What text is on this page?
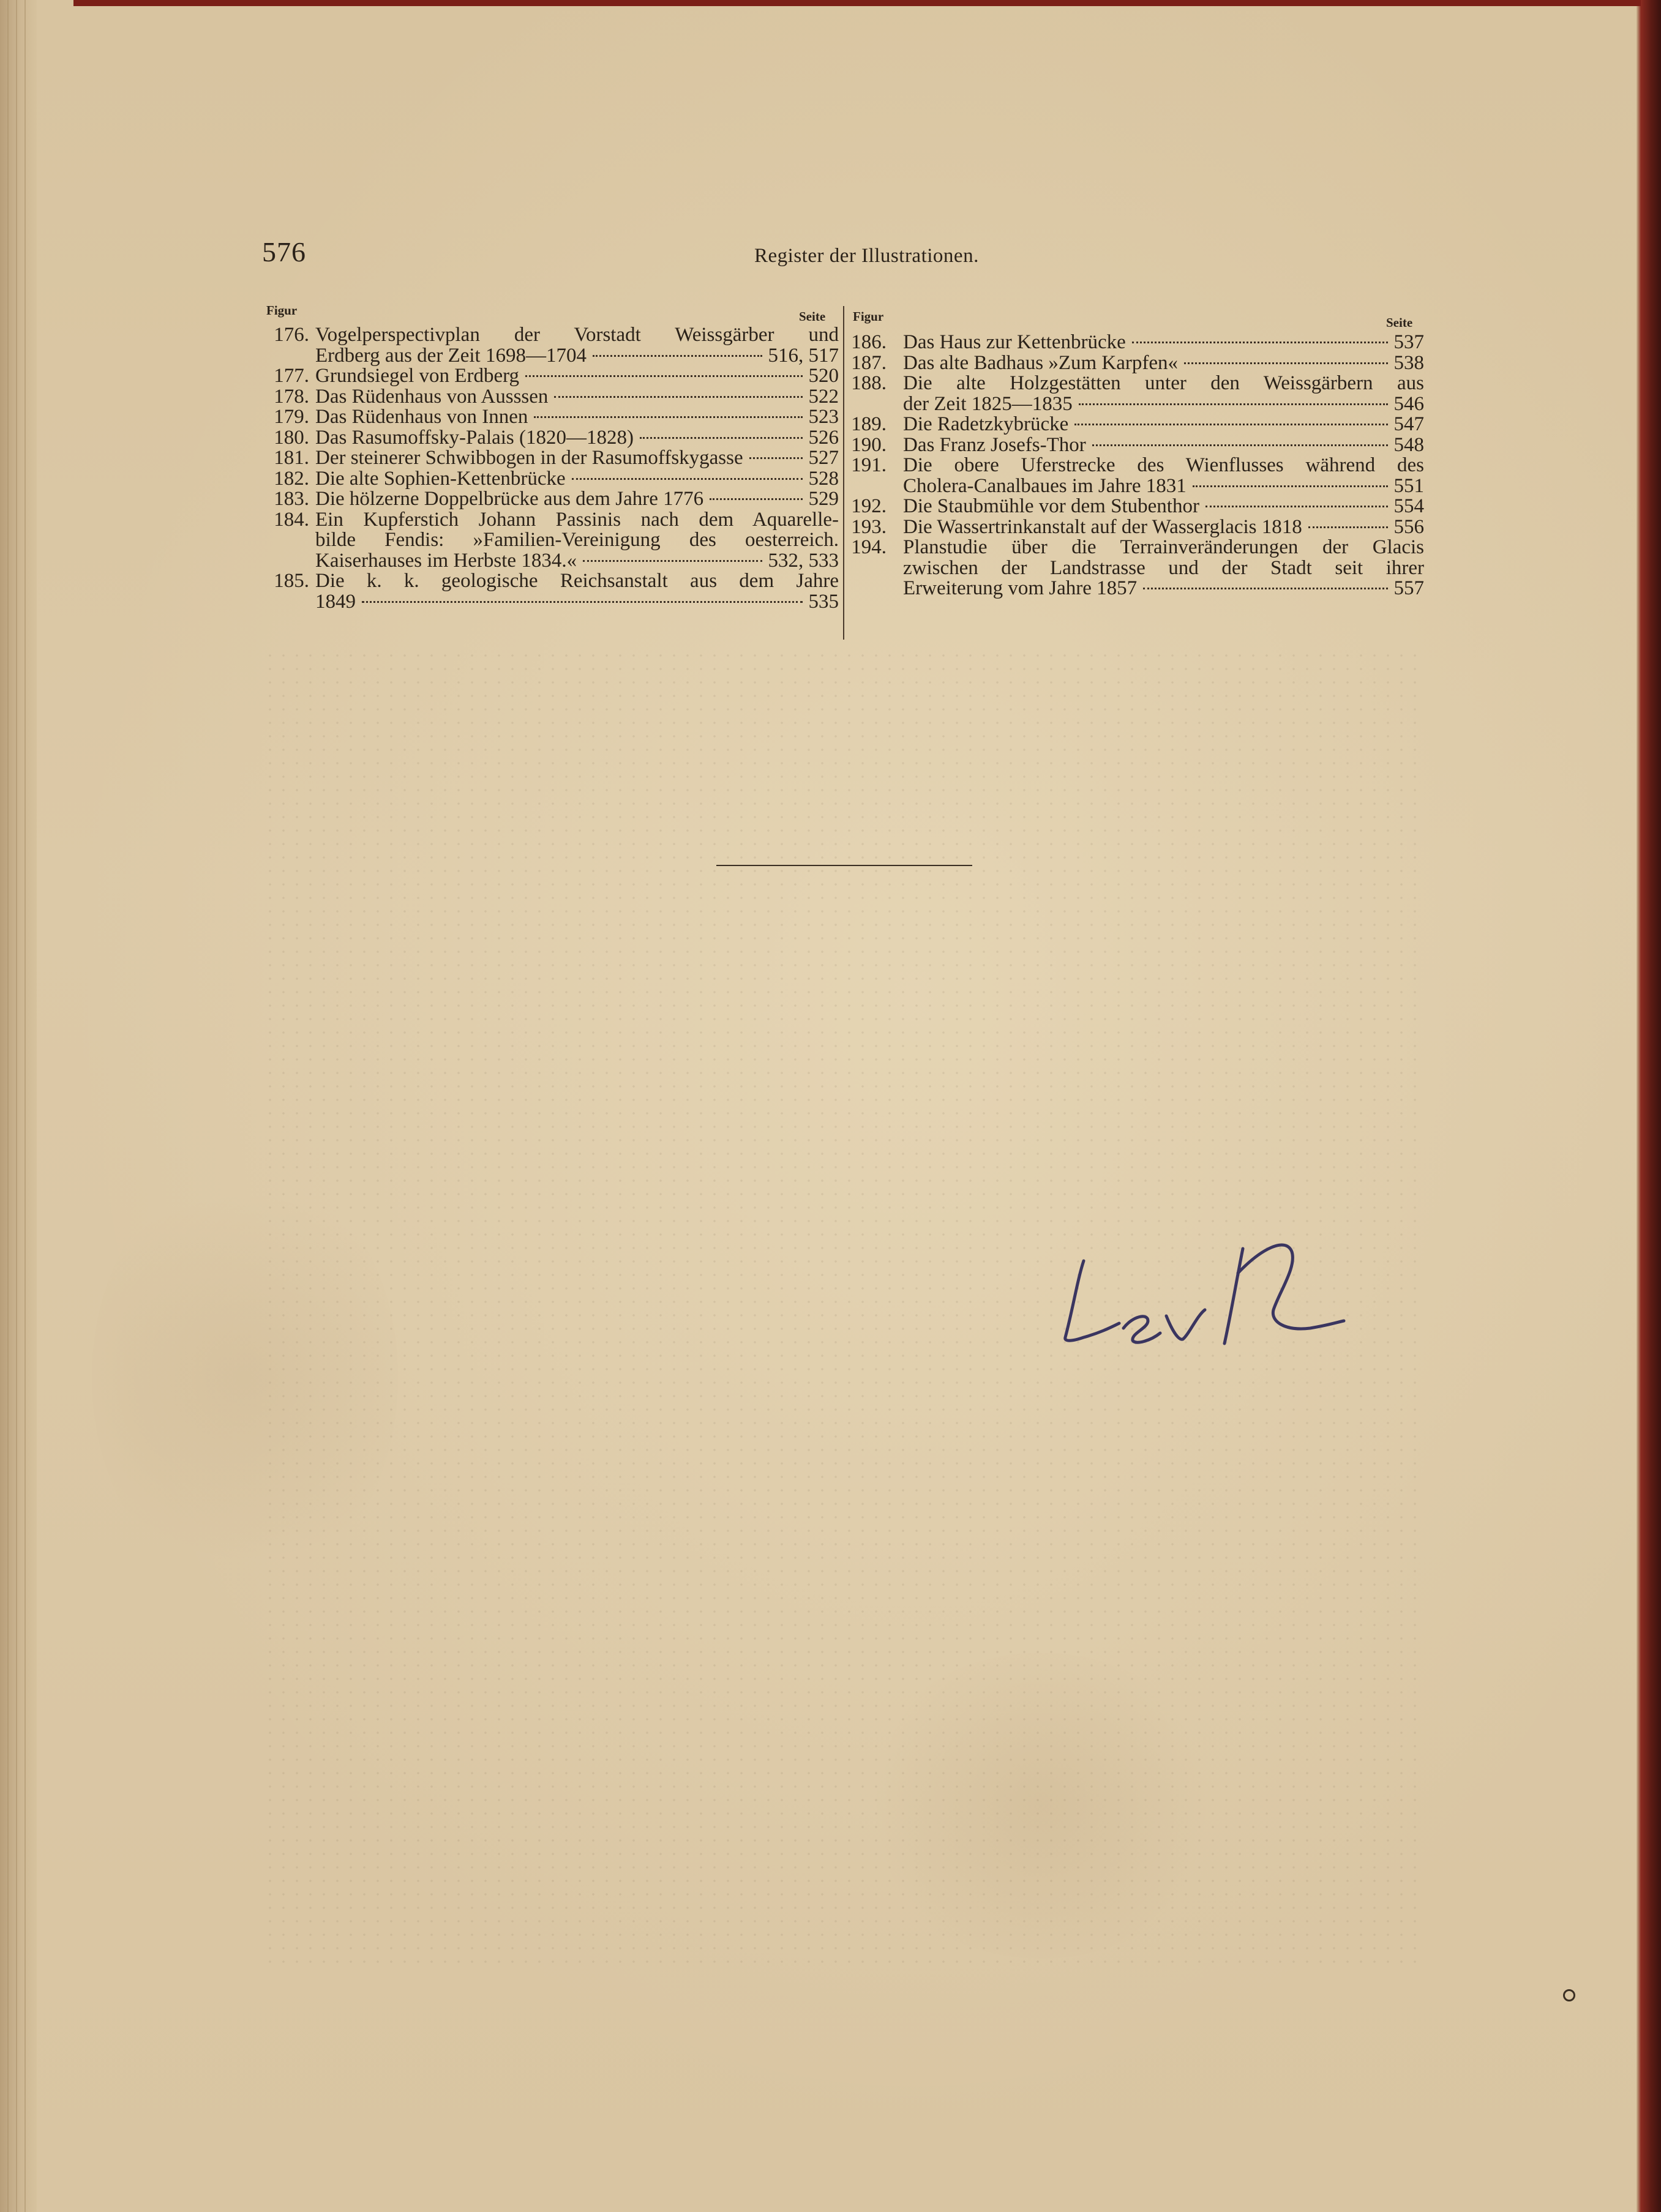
576	Register der Illustrationen.
Figur	Seite Figur	Seite
176. Vogelperspectivplan der Vorstadt Weissgärber und
Erdberg aus der Zeit 1698—1704	516, 517
177. Grundsiegel von Erdberg	520
178. Das Rüdenhaus von Ausssen	522
179. Das Rüdenhaus von Innen	523
180. Das Rasumoffsky-Palais (1820—1828)	526
181. Der steinerer Schwibbogen in der Rasumoffskygasse	527
182. Die alte Sophien-Kettenbrücke	528
183. Die hölzerne Doppelbrücke aus dem Jahre 1776	529
184. Ein Kupferstich Johann Passinis nach dem Aquarelle-
bilde Fendis: »Familien-Vereinigung des oesterreich.
Kaiserhauses im Herbste 1834.«	532, 533
185. Die k. k. geologische Reichsanstalt aus dem Jahre
1849	535
186. Das Haus zur Kettenbrücke	537
187. Das alte Badhaus »Zum Karpfen«	538
188. Die alte Holzgestätten unter den Weissgärbern aus
der Zeit 1825—1835	546
189. Die Radetzkybrücke	547
190. Das Franz Josefs-Thor	548
191. Die obere Uferstrecke des Wienflusses während des
Cholera-Canalbaues im Jahre 1831	551
192. Die Staubmühle vor dem Stubenthor	554
193. Die Wassertrinkanstalt auf der Wasserglacis 1818	556
194. Planstudie über die Terrainveränderungen der Glacis
zwischen der Landstrasse und der Stadt seit ihrer
Erweiterung vom Jahre 1857	557
